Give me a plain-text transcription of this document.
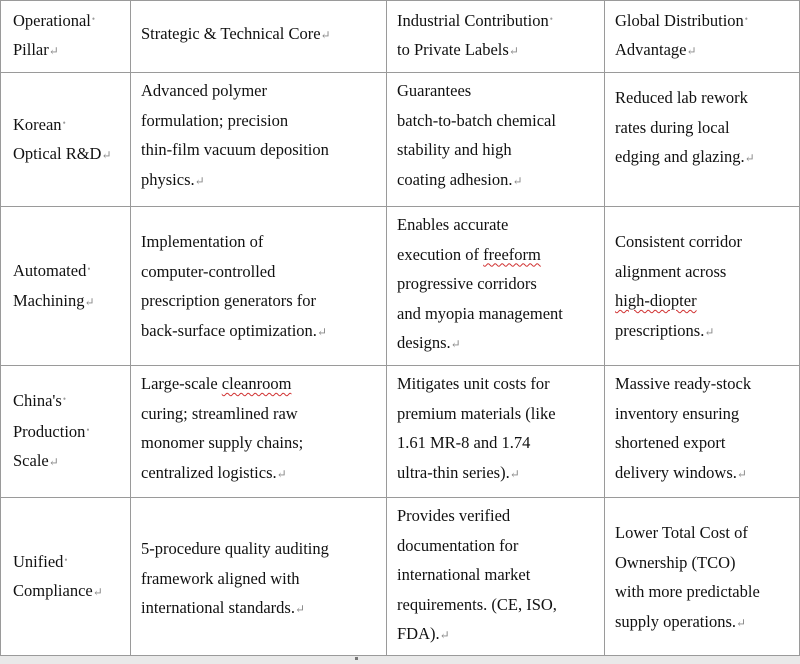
Operational•
Pillar↵
Strategic & Technical Core↵
Industrial Contribution•
to Private Labels↵
Global Distribution•
Advantage↵
Korean•
Optical R&D↵
Advanced polymer
formulation; precision
thin-film vacuum deposition
physics.↵
Guarantees
batch-to-batch chemical
stability and high
coating adhesion.↵
Reduced lab rework
rates during local
edging and glazing.↵
Automated•
Machining↵
Implementation of
computer-controlled
prescription generators for
back-surface optimization.↵
Enables accurate
execution of freeform
progressive corridors
and myopia management
designs.↵
Consistent corridor
alignment across
high-diopter
prescriptions.↵
China's•
Production•
Scale↵
Large-scale cleanroom
curing; streamlined raw
monomer supply chains;
centralized logistics.↵
Mitigates unit costs for
premium materials (like
1.61 MR-8 and 1.74
ultra-thin series).↵
Massive ready-stock
inventory ensuring
shortened export
delivery windows.↵
Unified•
Compliance↵
5-procedure quality auditing
framework aligned with
international standards.↵
Provides verified
documentation for
international market
requirements. (CE, ISO,
FDA).↵
Lower Total Cost of
Ownership (TCO)
with more predictable
supply operations.↵
